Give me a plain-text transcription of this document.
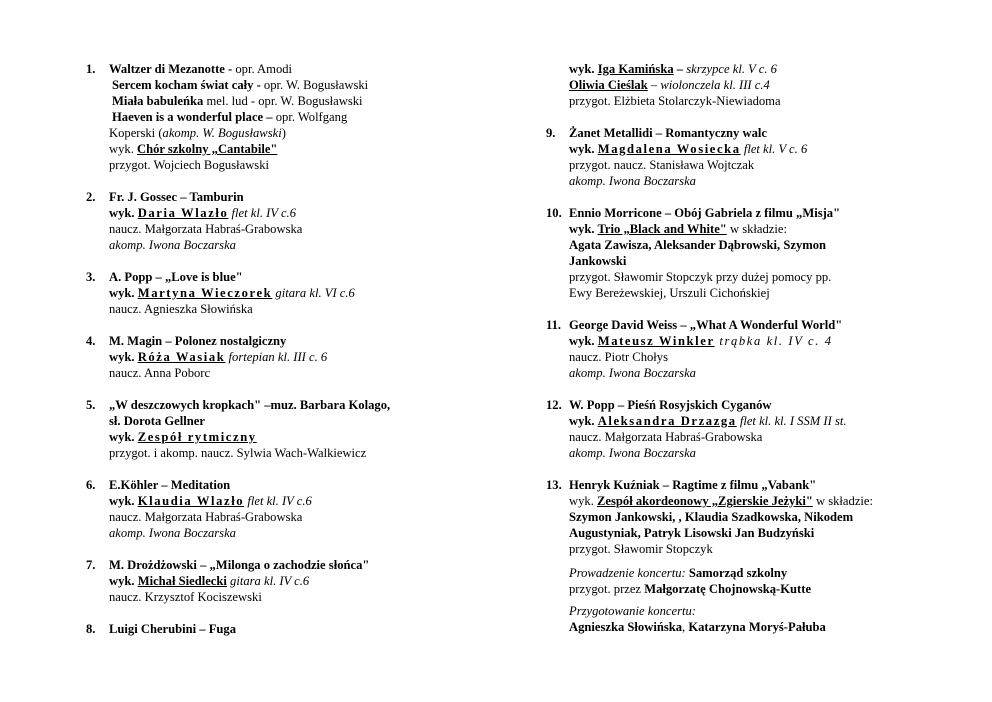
1. Waltzer di Mezanotte - opr. Amodi
Sercem kocham świat cały - opr. W. Bogusławski
Miała babuleńka mel. lud - opr. W. Bogusławski
Haeven is a wonderful place – opr. Wolfgang
Koperski (akomp. W. Bogusławski)
wyk. Chór szkolny „Cantabile"
przygot. Wojciech Bogusławski
2. Fr. J. Gossec – Tamburin
wyk. Daria Wlazło flet kl. IV c.6
naucz. Małgorzata Habraś-Grabowska
akomp. Iwona Boczarska
3. A. Popp – „Love is blue"
wyk. Martyna Wieczorek gitara kl. VI c.6
naucz. Agnieszka Słowińska
4. M. Magin – Polonez nostalgiczny
wyk. Róża Wasiak fortepian kl. III c. 6
naucz. Anna Poborc
5. „W deszczowych kropkach" –muz. Barbara Kolago,
sł. Dorota Gellner
wyk. Zespół rytmiczny
przygot. i akomp. naucz. Sylwia Wach-Walkiewicz
6. E.Köhler – Meditation
wyk. Klaudia Wlazło flet kl. IV c.6
naucz. Małgorzata Habraś-Grabowska
akomp. Iwona Boczarska
7. M. Drożdżowski – „Milonga o zachodzie słońca"
wyk. Michał Siedlecki gitara kl. IV c.6
naucz. Krzysztof Kociszewski
8. Luigi Cherubini – Fuga
wyk. Iga Kamińska – skrzypce kl. V c. 6
Oliwia Cieślak – wiolonczela kl. III c.4
przygot. Elżbieta Stolarczyk-Niewiadoma
9. Żanet Metallidi – Romantyczny walc
wyk. Magdalena Wosiecka flet kl. V c. 6
przygot. naucz. Stanisława Wojtczak
akomp. Iwona Boczarska
10. Ennio Morricone – Obój Gabriela z filmu „Misja"
wyk. Trio „Black and White" w składzie:
Agata Zawisza, Aleksander Dąbrowski, Szymon
Jankowski
przygot. Sławomir Stopczyk przy dużej pomocy pp.
Ewy Bereżewskiej, Urszuli Cichońskiej
11. George David Weiss – „What A Wonderful World"
wyk. Mateusz Winkler trąbka kl. IV c. 4
naucz. Piotr Chołys
akomp. Iwona Boczarska
12. W. Popp – Pieśń Rosyjskich Cyganów
wyk. Aleksandra Drzazga flet kl. kl. I SSM II st.
naucz. Małgorzata Habraś-Grabowska
akomp. Iwona Boczarska
13. Henryk Kuźniak – Ragtime z filmu „Vabank"
wyk. Zespół akordeonowy „Zgierskie Jeżyki" w składzie:
Szymon Jankowski, , Klaudia Szadkowska, Nikodem
Augustyniak, Patryk Lisowski Jan Budzyński
przygot. Sławomir Stopczyk
Prowadzenie koncertu: Samorząd szkolny
przygot. przez Małgorzatę Chojnowską-Kutte
Przygotowanie koncertu:
Agnieszka Słowińska, Katarzyna Moryś-Pałuba
